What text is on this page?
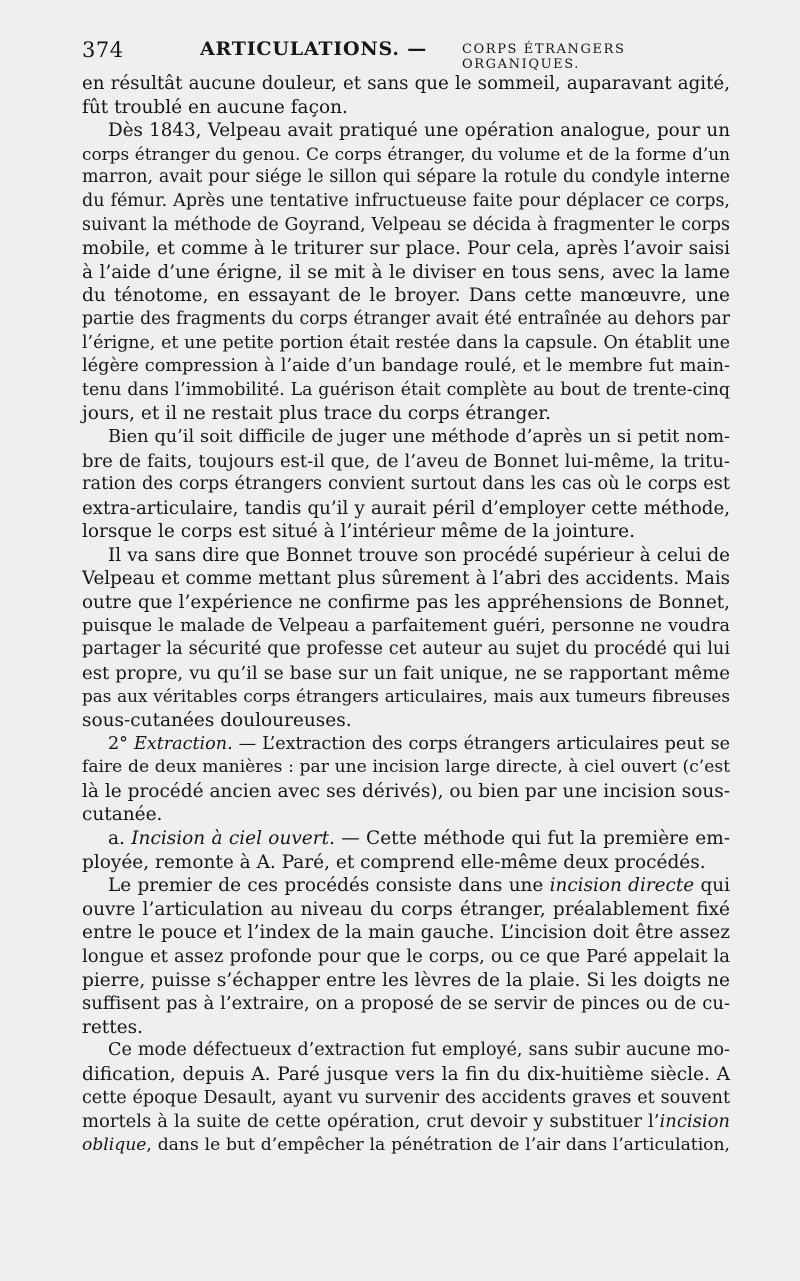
374	ARTICULATIONS. —	CORPS ÉTRANGERS ORGANIQUES.
en résultât aucune douleur, et sans que le sommeil, auparavant agité,
fût troublé en aucune façon.
Dès 1843, Velpeau avait pratiqué une opération analogue, pour un
corps étranger du genou. Ce corps étranger, du volume et de la forme d’un
marron, avait pour siége le sillon qui sépare la rotule du condyle interne
du fémur. Après une tentative infructueuse faite pour déplacer ce corps,
suivant la méthode de Goyrand, Velpeau se décida à fragmenter le corps
mobile, et comme à le triturer sur place. Pour cela, après l’avoir saisi
à l’aide d’une érigne, il se mit à le diviser en tous sens, avec la lame
du ténotome, en essayant de le broyer. Dans cette manœuvre, une
partie des fragments du corps étranger avait été entraînée au dehors par
l’érigne, et une petite portion était restée dans la capsule. On établit une
légère compression à l’aide d’un bandage roulé, et le membre fut main-
tenu dans l’immobilité. La guérison était complète au bout de trente-cinq
jours, et il ne restait plus trace du corps étranger.
Bien qu’il soit difficile de juger une méthode d’après un si petit nom-
bre de faits, toujours est-il que, de l’aveu de Bonnet lui-même, la tritu-
ration des corps étrangers convient surtout dans les cas où le corps est
extra-articulaire, tandis qu’il y aurait péril d’employer cette méthode,
lorsque le corps est situé à l’intérieur même de la jointure.
Il va sans dire que Bonnet trouve son procédé supérieur à celui de
Velpeau et comme mettant plus sûrement à l’abri des accidents. Mais
outre que l’expérience ne confirme pas les appréhensions de Bonnet,
puisque le malade de Velpeau a parfaitement guéri, personne ne voudra
partager la sécurité que professe cet auteur au sujet du procédé qui lui
est propre, vu qu’il se base sur un fait unique, ne se rapportant même
pas aux véritables corps étrangers articulaires, mais aux tumeurs fibreuses
sous-cutanées douloureuses.
2° Extraction. — L’extraction des corps étrangers articulaires peut se
faire de deux manières : par une incision large directe, à ciel ouvert (c’est
là le procédé ancien avec ses dérivés), ou bien par une incision sous-
cutanée.
a. Incision à ciel ouvert. — Cette méthode qui fut la première em-
ployée, remonte à A. Paré, et comprend elle-même deux procédés.
Le premier de ces procédés consiste dans une incision directe qui
ouvre l’articulation au niveau du corps étranger, préalablement fixé
entre le pouce et l’index de la main gauche. L’incision doit être assez
longue et assez profonde pour que le corps, ou ce que Paré appelait la
pierre, puisse s’échapper entre les lèvres de la plaie. Si les doigts ne
suffisent pas à l’extraire, on a proposé de se servir de pinces ou de cu-
rettes.
Ce mode défectueux d’extraction fut employé, sans subir aucune mo-
dification, depuis A. Paré jusque vers la fin du dix-huitième siècle. A
cette époque Desault, ayant vu survenir des accidents graves et souvent
mortels à la suite de cette opération, crut devoir y substituer l’incision
oblique, dans le but d’empêcher la pénétration de l’air dans l’articulation,
